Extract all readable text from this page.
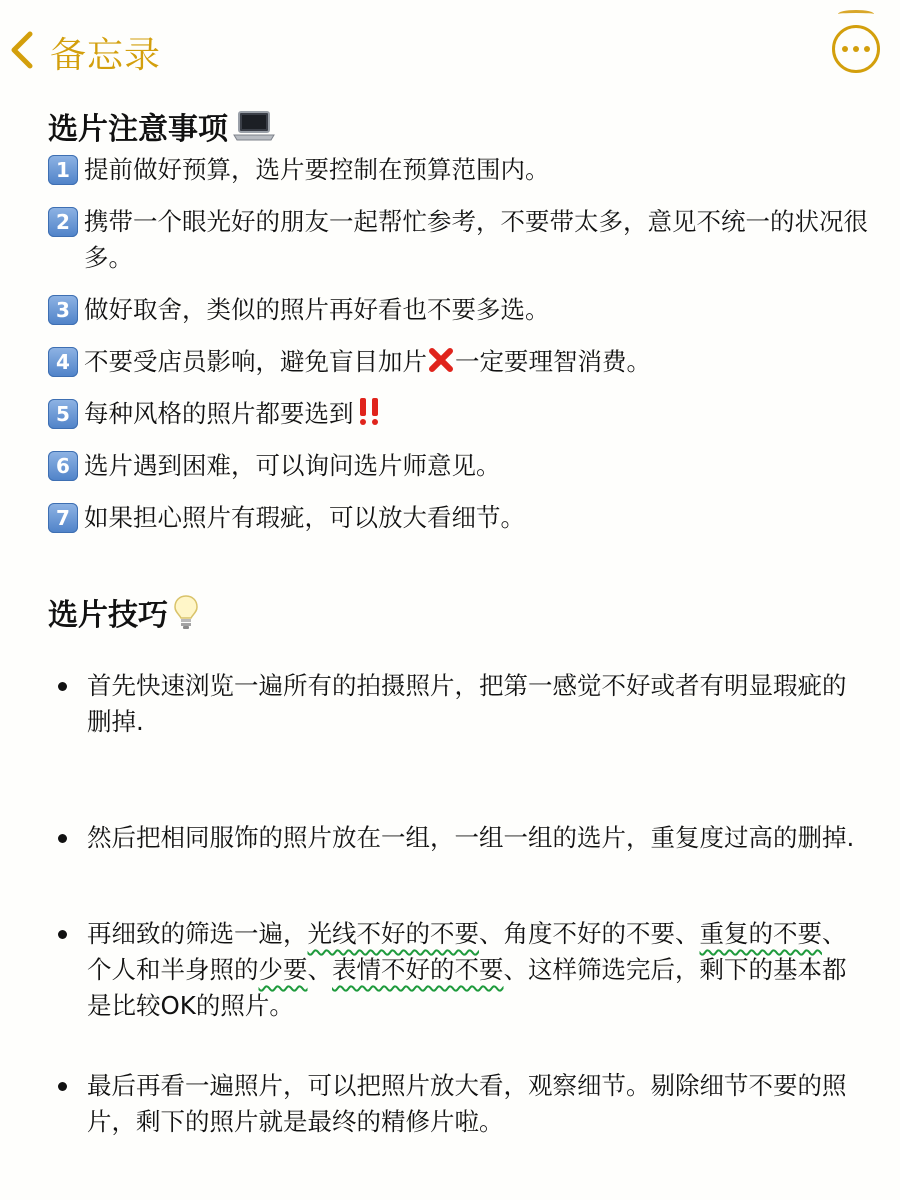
备忘录
选片注意事项
1 提前做好预算，选片要控制在预算范围内。
2 携带一个眼光好的朋友一起帮忙参考，不要带太多，意见不统一的状况很多。
3 做好取舍，类似的照片再好看也不要多选。
4 不要受店员影响，避免盲目加片 一定要理智消费。
5 每种风格的照片都要选到
6 选片遇到困难，可以询问选片师意见。
7 如果担心照片有瑕疵，可以放大看细节。
选片技巧
首先快速浏览一遍所有的拍摄照片，把第一感觉不好或者有明显瑕疵的删掉.
然后把相同服饰的照片放在一组，一组一组的选片，重复度过高的删掉.
再细致的筛选一遍，光线不好的不要、角度不好的不要、重复的不要、个人和半身照的少要、表情不好的不要、这样筛选完后，剩下的基本都是比较OK的照片。
最后再看一遍照片，可以把照片放大看，观察细节。剔除细节不要的照片，剩下的照片就是最终的精修片啦。
